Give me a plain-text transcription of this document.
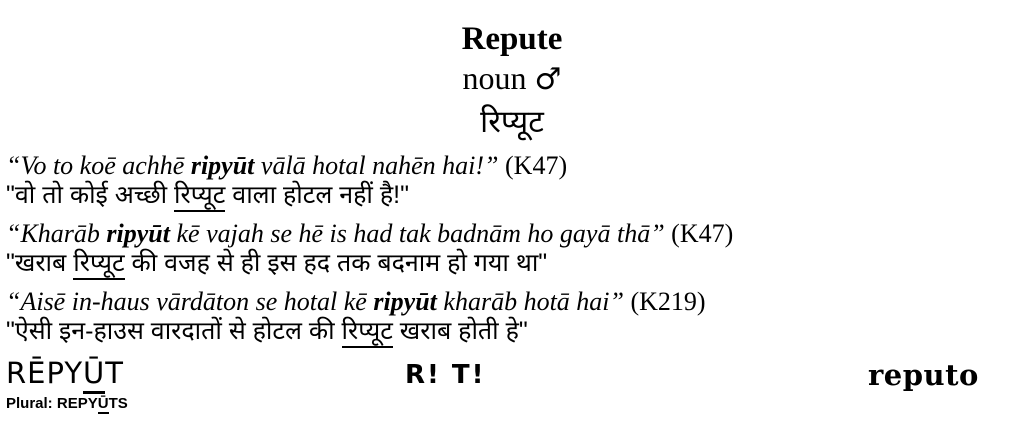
Repute
noun ♂
रिप्यूट

“Vo to koē achhē ripyūt vālā hotal nahēn hai!” (K47)

"वो तो कोई अच्छी रिप्यूट वाला होटल नहीं है!"

“Kharāb ripyūt kē vajah se hē is had tak badnām ho gayā thā” (K47)

"खराब रिप्यूट की वजह से ही इस हद तक बदनाम हो गया था"

“Aisē in-haus vārdāton se hotal kē ripyūt kharāb hotā hai” (K219)

"ऐसी इन-हाउस वारदातों से होटल की रिप्यूट खराब होती हे"

RĒPYŪT	R! T!	reputo
Plural: REPYŪTS
